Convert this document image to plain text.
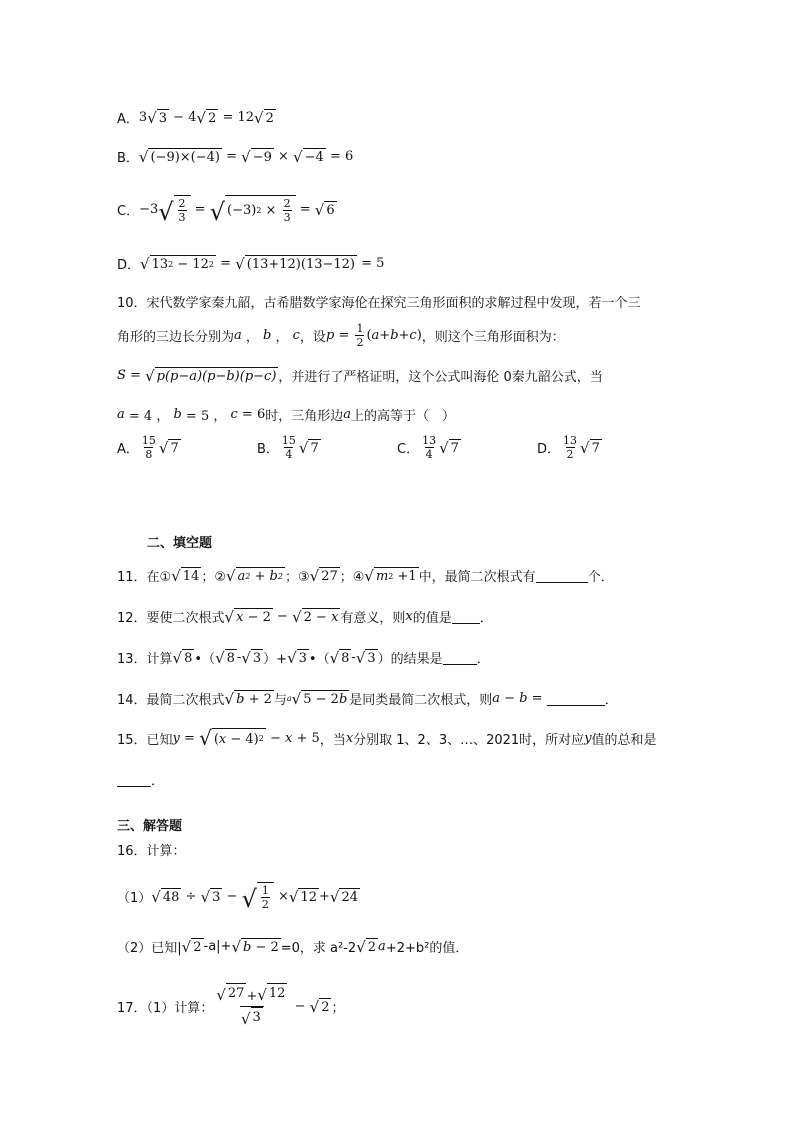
A． 3 √ 3 − 4 √ 2 = 12 √ 2
B． √ (−9)×(−4) = √ −9 × √ −4 = 6
C． −3 √ $\frac{2}{3}$ = √ (−3) $2 \times \frac{2}{3}$ = √ 6
D． √ 13 2 − 12 2 = √ (13+12)(13−12) = 5
10．宋代数学家秦九韶，古希腊数学家海伦在探究三角形面积的求解过程中发现，若一个三
角形的三边长分别为 a ， b ， c ，设 $p = \frac{1}{2}$ ( a + b + c ) ，则这个三角形面积为：
S = √ p(p−a)(p−b)(p−c) ，并进行了严格证明，这个公式叫海伦 0秦九韶公式，当
a = 4 ， b = 5 ， c = 6 时，三角形边 a 上的高等于（　）
A． $\frac{15}{8}$ √ 7	B． $\frac{15}{4}$ √ 7	C． $\frac{13}{4}$ √ 7	D． $\frac{13}{2}$ √ 7
二、填空题
11．在① √ 14 ；② √ a 2 + b 2 ；③ √ 27 ；④ √ m 2 +1 中，最简二次根式有	个．
12．要使二次根式 √ x − 2 − √ 2 − x 有意义，则 x 的值是 ．
13．计算 √ 8 •（ √ 8 - √ 3 ）+ √ 3 •（ √ 8 - √ 3 ）的结果是	．
14．最简二次根式 √ b + 2 与 a √ 5 − 2 b 是同类最简二次根式，则 a − b =	．
15．已知 y = √ ( x − 4) 2 − x + 5 ，当 x 分别取 1、2、3、…、2021时，所对应 y 值的总和是
．
三、解答题
16．计算：
（1） √ 48 ÷ √ 3 − √ $\frac{1}{2}$ × √ 12 + √ 24
（2）已知| √ 2 -a|+ √ b − 2 =0，求 a²-2 √ 2 a +2+b²的值．
17．（1）计算： $\frac{√ 27 + √ 12}{√ 3}$ − √ 2 ；
